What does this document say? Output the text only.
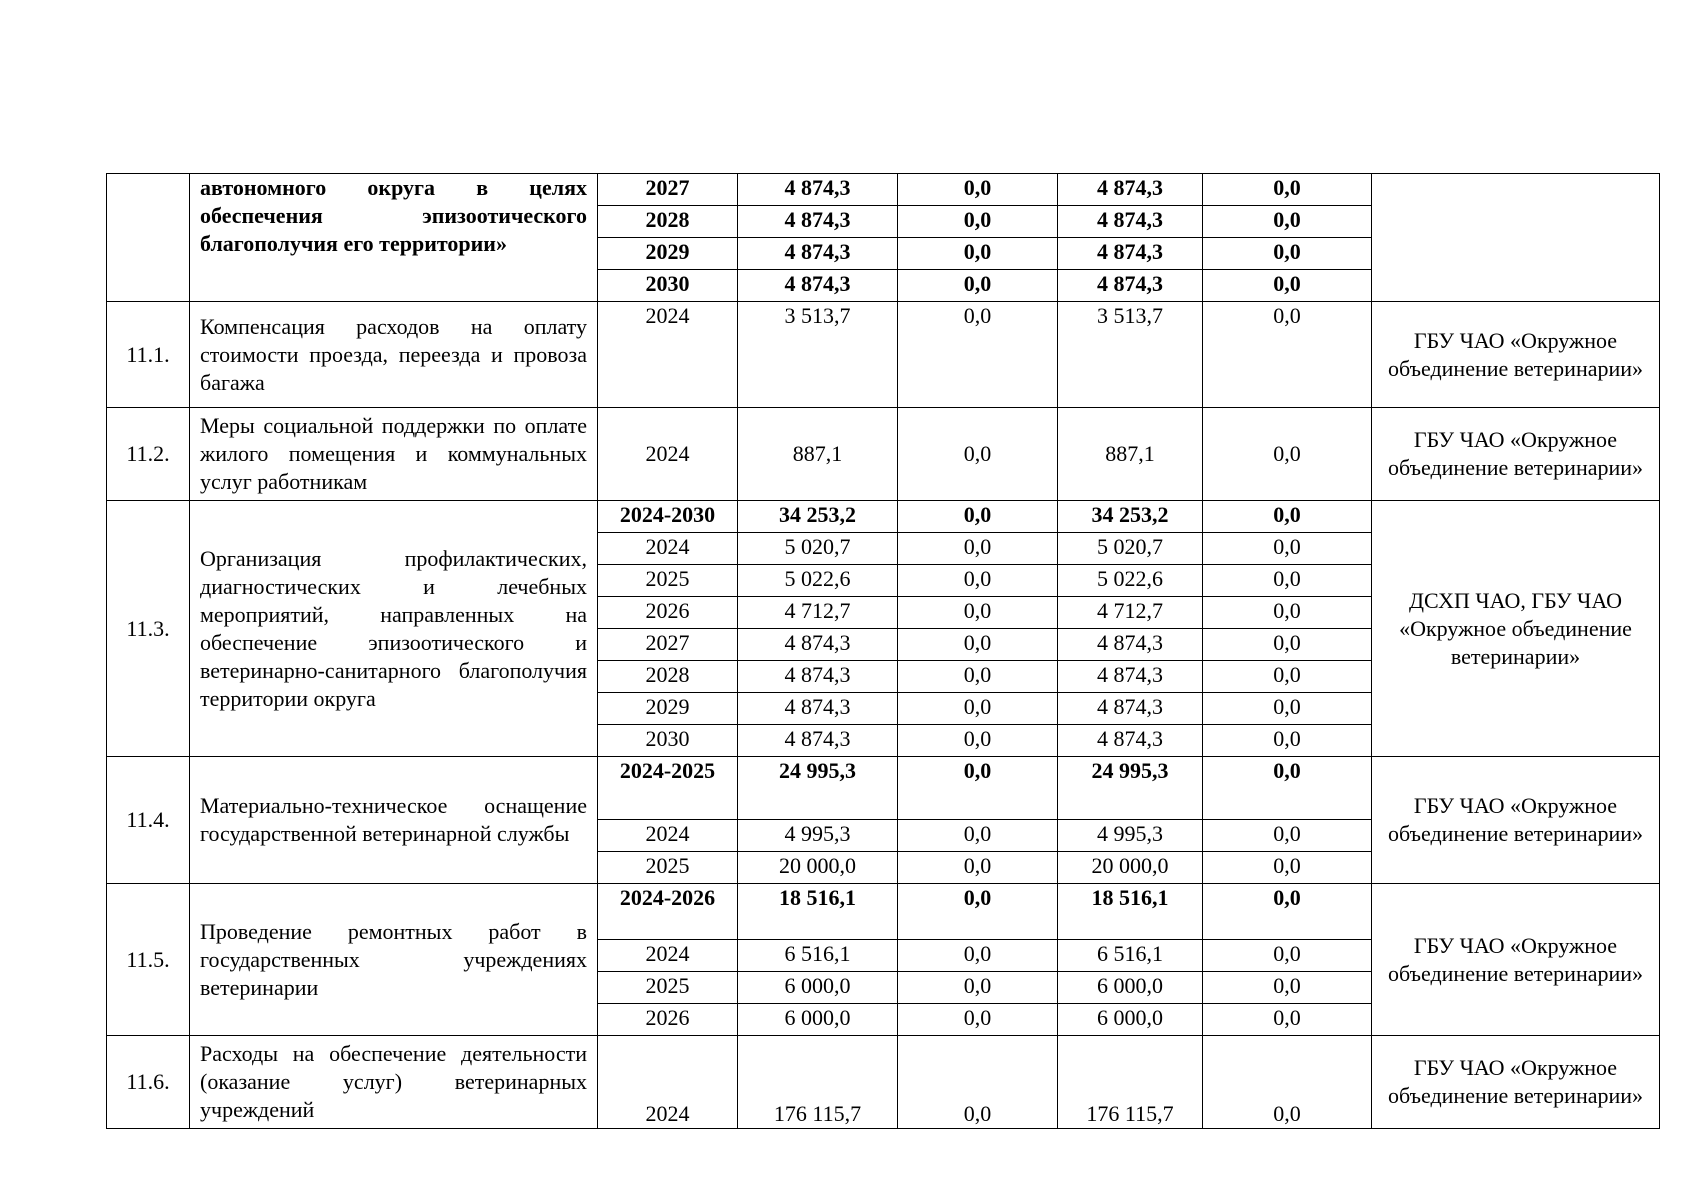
	автономного округа в целях обеспечения эпизоотического благополучия его территории»	2027	4 874,3	0,0	4 874,3	0,0	
		2028	4 874,3	0,0	4 874,3	0,0	
		2029	4 874,3	0,0	4 874,3	0,0	
		2030	4 874,3	0,0	4 874,3	0,0	
11.1.	Компенсация расходов на оплату стоимости проезда, переезда и провоза багажа	2024	3 513,7	0,0	3 513,7	0,0	ГБУ ЧАО «Окружное объединение ветеринарии»
11.2.	Меры социальной поддержки по оплате жилого помещения и коммунальных услуг работникам	2024	887,1	0,0	887,1	0,0	ГБУ ЧАО «Окружное объединение ветеринарии»
11.3.	Организация профилактических, диагностических и лечебных мероприятий, направленных на обеспечение эпизоотического и ветеринарно-санитарного благополучия территории округа	2024-2030	34 253,2	0,0	34 253,2	0,0	ДСХП ЧАО, ГБУ ЧАО «Окружное объединение ветеринарии»
		2024	5 020,7	0,0	5 020,7	0,0	
		2025	5 022,6	0,0	5 022,6	0,0	
		2026	4 712,7	0,0	4 712,7	0,0	
		2027	4 874,3	0,0	4 874,3	0,0	
		2028	4 874,3	0,0	4 874,3	0,0	
		2029	4 874,3	0,0	4 874,3	0,0	
		2030	4 874,3	0,0	4 874,3	0,0	
11.4.	Материально-техническое оснащение государственной ветеринарной службы	2024-2025	24 995,3	0,0	24 995,3	0,0	ГБУ ЧАО «Окружное объединение ветеринарии»
		2024	4 995,3	0,0	4 995,3	0,0	
		2025	20 000,0	0,0	20 000,0	0,0	
11.5.	Проведение ремонтных работ в государственных учреждениях ветеринарии	2024-2026	18 516,1	0,0	18 516,1	0,0	ГБУ ЧАО «Окружное объединение ветеринарии»
		2024	6 516,1	0,0	6 516,1	0,0	
		2025	6 000,0	0,0	6 000,0	0,0	
		2026	6 000,0	0,0	6 000,0	0,0	
11.6.	Расходы на обеспечение деятельности (оказание услуг) ветеринарных учреждений	2024	176 115,7	0,0	176 115,7	0,0	ГБУ ЧАО «Окружное объединение ветеринарии»
